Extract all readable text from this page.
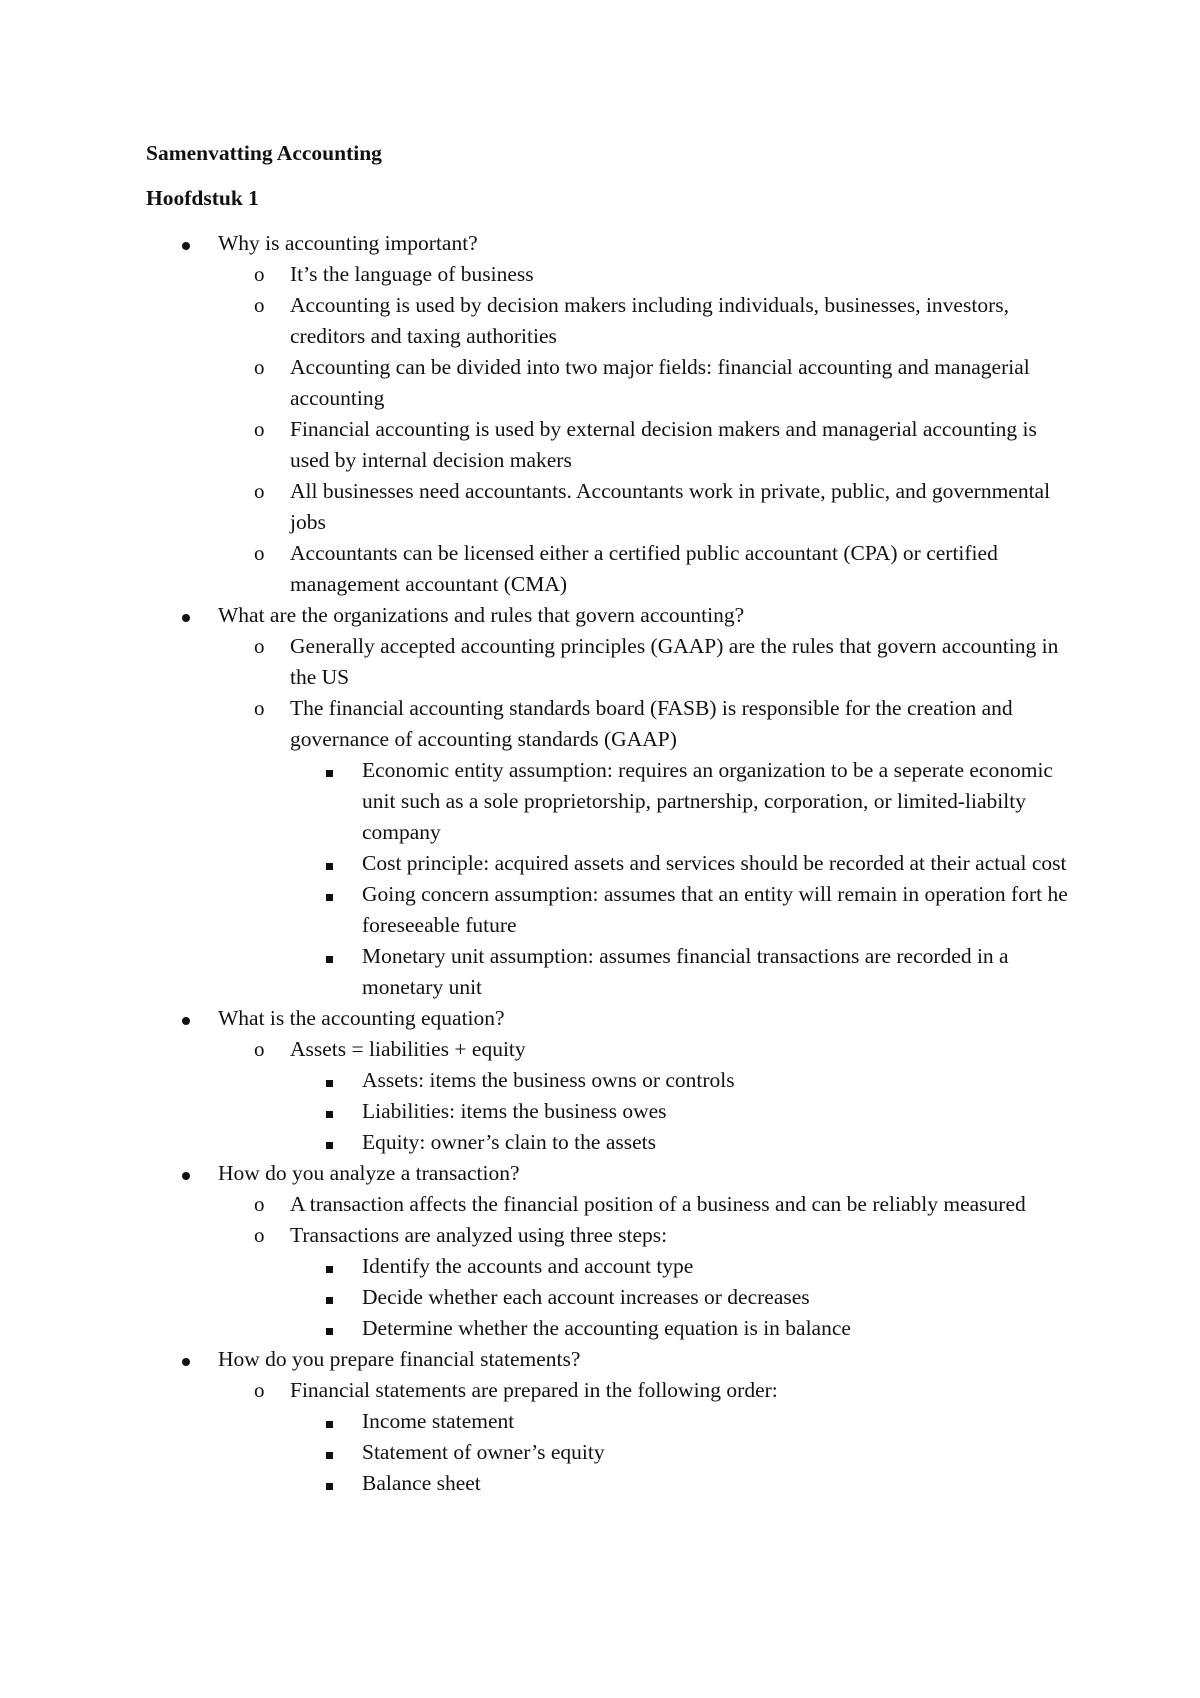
Samenvatting Accounting
Hoofdstuk 1
Why is accounting important?
o	It’s the language of business
o	Accounting is used by decision makers including individuals, businesses, investors, creditors and taxing authorities
o	Accounting can be divided into two major fields: financial accounting and managerial accounting
o	Financial accounting is used by external decision makers and managerial accounting is used by internal decision makers
o	All businesses need accountants. Accountants work in private, public, and governmental jobs
o	Accountants can be licensed either a certified public accountant (CPA) or certified management accountant (CMA)
What are the organizations and rules that govern accounting?
o	Generally accepted accounting principles (GAAP) are the rules that govern accounting in the US
o	The financial accounting standards board (FASB) is responsible for the creation and governance of accounting standards (GAAP)
Economic entity assumption: requires an organization to be a seperate economic unit such as a sole proprietorship, partnership, corporation, or limited-liabilty company
Cost principle: acquired assets and services should be recorded at their actual cost
Going concern assumption: assumes that an entity will remain in operation fort he foreseeable future
Monetary unit assumption: assumes financial transactions are recorded in a monetary unit
What is the accounting equation?
o	Assets = liabilities + equity
Assets: items the business owns or controls
Liabilities: items the business owes
Equity: owner’s clain to the assets
How do you analyze a transaction?
o	A transaction affects the financial position of a business and can be reliably measured
o	Transactions are analyzed using three steps:
Identify the accounts and account type
Decide whether each account increases or decreases
Determine whether the accounting equation is in balance
How do you prepare financial statements?
o	Financial statements are prepared in the following order:
Income statement
Statement of owner’s equity
Balance sheet
